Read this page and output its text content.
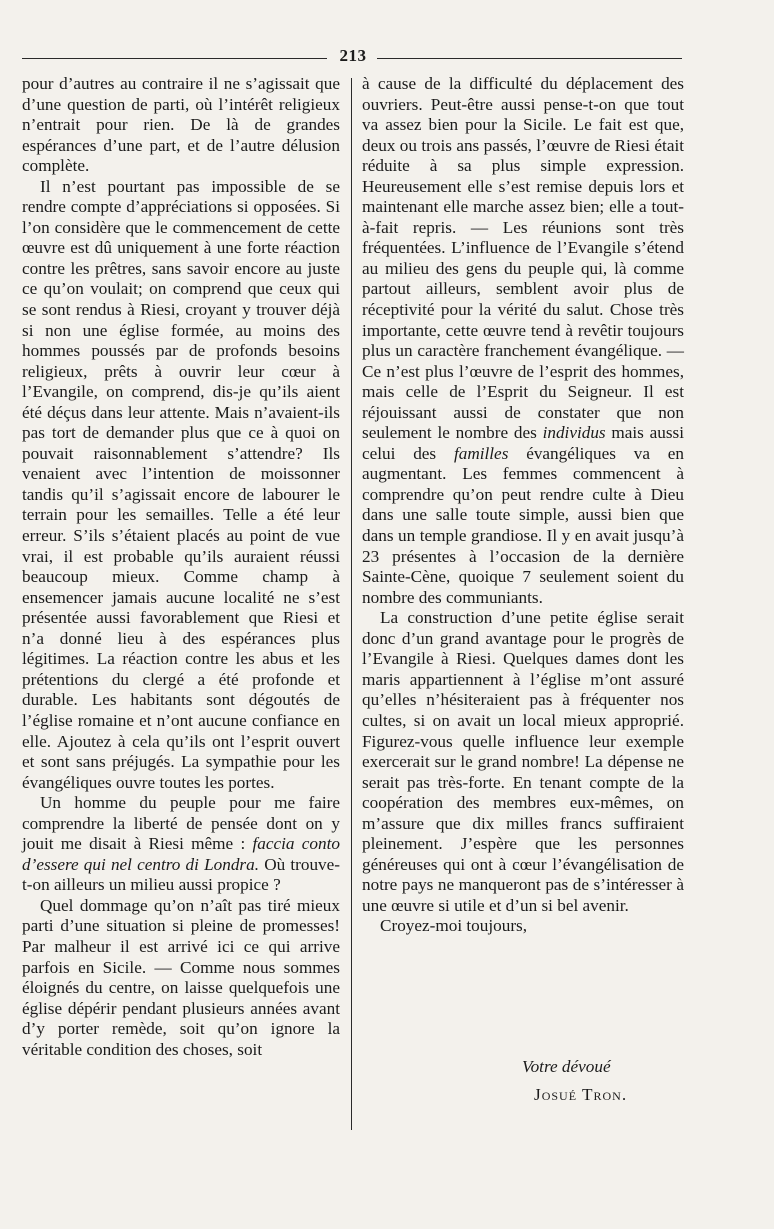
213

pour d’autres au contraire il ne s’agissait que d’une question de parti, où l’intérêt religieux n’entrait pour rien. De là de grandes espérances d’une part, et de l’autre délusion complète.

Il n’est pourtant pas impossible de se rendre compte d’appréciations si opposées. Si l’on considère que le commencement de cette œuvre est dû uniquement à une forte réaction contre les prêtres, sans savoir encore au juste ce qu’on voulait; on comprend que ceux qui se sont rendus à Riesi, croyant y trouver déjà si non une église formée, au moins des hommes poussés par de profonds besoins religieux, prêts à ouvrir leur cœur à l’Evangile, on comprend, dis-je qu’ils aient été déçus dans leur attente. Mais n’avaient-ils pas tort de demander plus que ce à quoi on pouvait raisonnablement s’attendre? Ils venaient avec l’intention de moissonner tandis qu’il s’agissait encore de labourer le terrain pour les semailles. Telle a été leur erreur. S’ils s’étaient placés au point de vue vrai, il est probable qu’ils auraient réussi beaucoup mieux. Comme champ à ensemencer jamais aucune localité ne s’est présentée aussi favorablement que Riesi et n’a donné lieu à des espérances plus légitimes. La réaction contre les abus et les prétentions du clergé a été profonde et durable. Les habitants sont dégoutés de l’église romaine et n’ont aucune confiance en elle. Ajoutez à cela qu’ils ont l’esprit ouvert et sont sans préjugés. La sympathie pour les évangéliques ouvre toutes les portes.

Un homme du peuple pour me faire comprendre la liberté de pensée dont on y jouit me disait à Riesi même : faccia conto d’essere qui nel centro di Londra. Où trouve-t-on ailleurs un milieu aussi propice ?

Quel dommage qu’on n’aît pas tiré mieux parti d’une situation si pleine de promesses! Par malheur il est arrivé ici ce qui arrive parfois en Sicile. — Comme nous sommes éloignés du centre, on laisse quelquefois une église dépérir pendant plusieurs années avant d’y porter remède, soit qu’on ignore la véritable condition des choses, soit

à cause de la difficulté du déplacement des ouvriers. Peut-être aussi pense-t-on que tout va assez bien pour la Sicile. Le fait est que, deux ou trois ans passés, l’œuvre de Riesi était réduite à sa plus simple expression. Heureusement elle s’est remise depuis lors et maintenant elle marche assez bien; elle a tout-à-fait repris. — Les réunions sont très fréquentées. L’influence de l’Evangile s’étend au milieu des gens du peuple qui, là comme partout ailleurs, semblent avoir plus de réceptivité pour la vérité du salut. Chose très importante, cette œuvre tend à revêtir toujours plus un caractère franchement évangélique. — Ce n’est plus l’œuvre de l’esprit des hommes, mais celle de l’Esprit du Seigneur. Il est réjouissant aussi de constater que non seulement le nombre des individus mais aussi celui des familles évangéliques va en augmentant. Les femmes commencent à comprendre qu’on peut rendre culte à Dieu dans une salle toute simple, aussi bien que dans un temple grandiose. Il y en avait jusqu’à 23 présentes à l’occasion de la dernière Sainte-Cène, quoique 7 seulement soient du nombre des communiants.

La construction d’une petite église serait donc d’un grand avantage pour le progrès de l’Evangile à Riesi. Quelques dames dont les maris appartiennent à l’église m’ont assuré qu’elles n’hésiteraient pas à fréquenter nos cultes, si on avait un local mieux approprié. Figurez-vous quelle influence leur exemple exercerait sur le grand nombre! La dépense ne serait pas très-forte. En tenant compte de la coopération des membres eux-mêmes, on m’assure que dix milles francs suffiraient pleinement. J’espère que les personnes généreuses qui ont à cœur l’évangélisation de notre pays ne manqueront pas de s’intéresser à une œuvre si utile et d’un si bel avenir.

Croyez-moi toujours,

Votre dévoué
Josué Tron.
